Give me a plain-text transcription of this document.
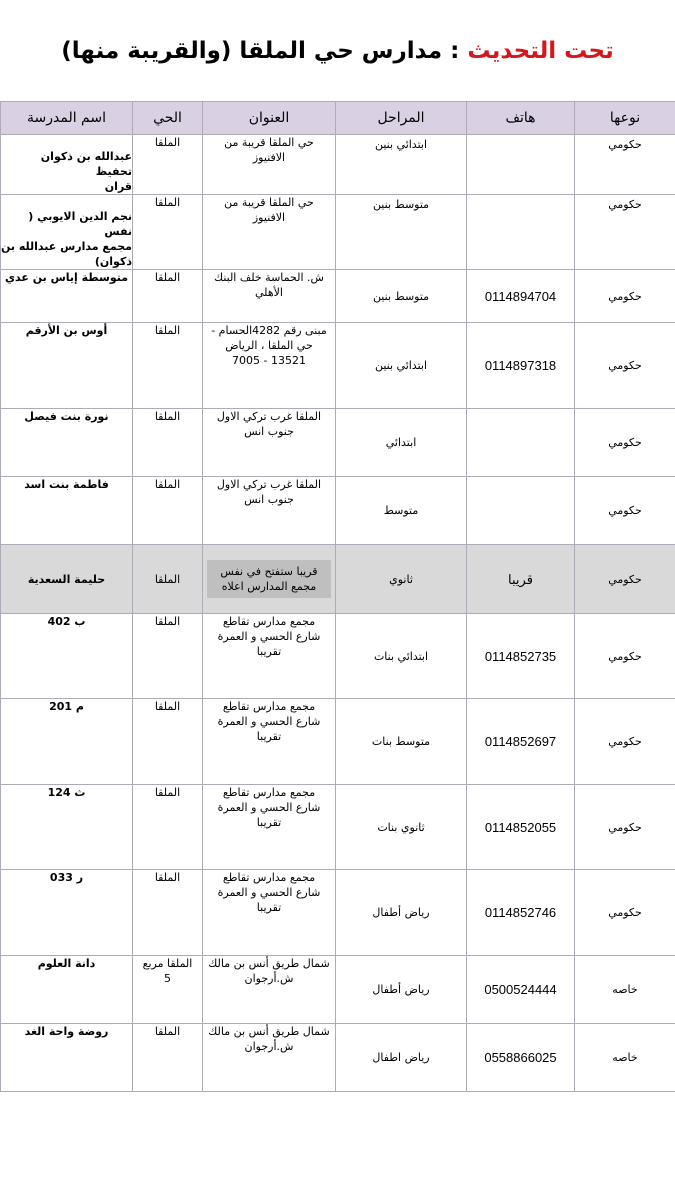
تحت التحديث : مدارس حي الملقا (والقريبة منها)
نوعها	هاتف	المراحل	العنوان	الحي	اسم المدرسة

حكومي		ابتدائي بنين	حي الملقا قريبة من
الافنيوز	الملقا	عبدالله بن ذكوان تحفيظ
قران

حكومي		متوسط بنين	حي الملقا قريبة من
الافنيوز	الملقا	نجم الدين الايوبي ( نفس
مجمع مدارس عبدالله بن
ذكوان)

حكومي	0114894704	متوسط بنين	ش. الحماسة خلف البنك
الأهلي	الملقا	متوسطة إياس بن عدي

حكومي	0114897318	ابتدائي بنين	مبنى رقم 4282الحسام -
حي الملقا ، الرياض
13521 - 7005	الملقا	أوس بن الأرقم

حكومي		ابتدائي	الملقا غرب تركي الاول
جنوب انس	الملقا	نورة بنت فيصل

حكومي		متوسط	الملقا غرب تركي الاول
جنوب انس	الملقا	فاطمة بنت اسد

حكومي	قريبا	ثانوي	قريبا ستفتح في نفس
مجمع المدارس اعلاه	الملقا	حليمة السعدية

حكومي	0114852735	ابتدائي بنات	مجمع مدارس تقاطع
شارع الحسي و العمرة
تقريبا	الملقا	ب 402

حكومي	0114852697	متوسط بنات	مجمع مدارس تقاطع
شارع الحسي و العمرة
تقريبا	الملقا	م 201

حكومي	0114852055	ثانوي بنات	مجمع مدارس تقاطع
شارع الحسي و العمرة
تقريبا	الملقا	ث 124

حكومي	0114852746	رياض أطفال	مجمع مدارس تقاطع
شارع الحسي و العمرة
تقريبا	الملقا	ر 033

خاصه	0500524444	رياض أطفال	شمال طريق أنس بن مالك
ش.أرجوان	الملقا مربع
5	دانة العلوم

خاصه	0558866025	رياض اطفال	شمال طريق أنس بن مالك
ش.أرجوان	الملقا	روضة واحة الغد
